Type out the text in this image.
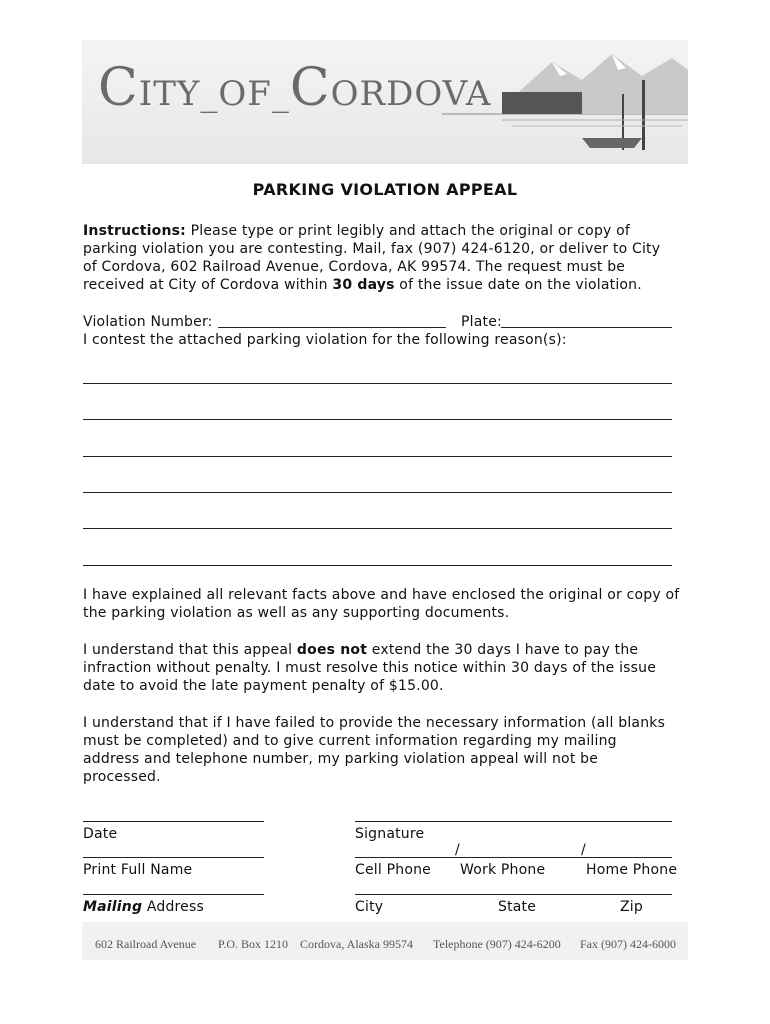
CITY_OF_CORDOVA
PARKING VIOLATION APPEAL
Instructions: Please type or print legibly and attach the original or copy of
parking violation you are contesting. Mail, fax (907) 424-6120, or deliver to City
of Cordova, 602 Railroad Avenue, Cordova, AK 99574. The request must be
received at City of Cordova within 30 days of the issue date on the violation.
Violation Number:	Plate:
I contest the attached parking violation for the following reason(s):
I have explained all relevant facts above and have enclosed the original or copy of
the parking violation as well as any supporting documents.
I understand that this appeal does not extend the 30 days I have to pay the
infraction without penalty. I must resolve this notice within 30 days of the issue
date to avoid the late payment penalty of $15.00.
I understand that if I have failed to provide the necessary information (all blanks
must be completed) and to give current information regarding my mailing
address and telephone number, my parking violation appeal will not be
processed.
Date	Signature
/	/
Print Full Name	Cell Phone Work Phone	Home Phone
Mailing Address	City	State	Zip
602 Railroad Avenue P.O. Box 1210 Cordova, Alaska 99574 Telephone (907) 424-6200 Fax (907) 424-6000
